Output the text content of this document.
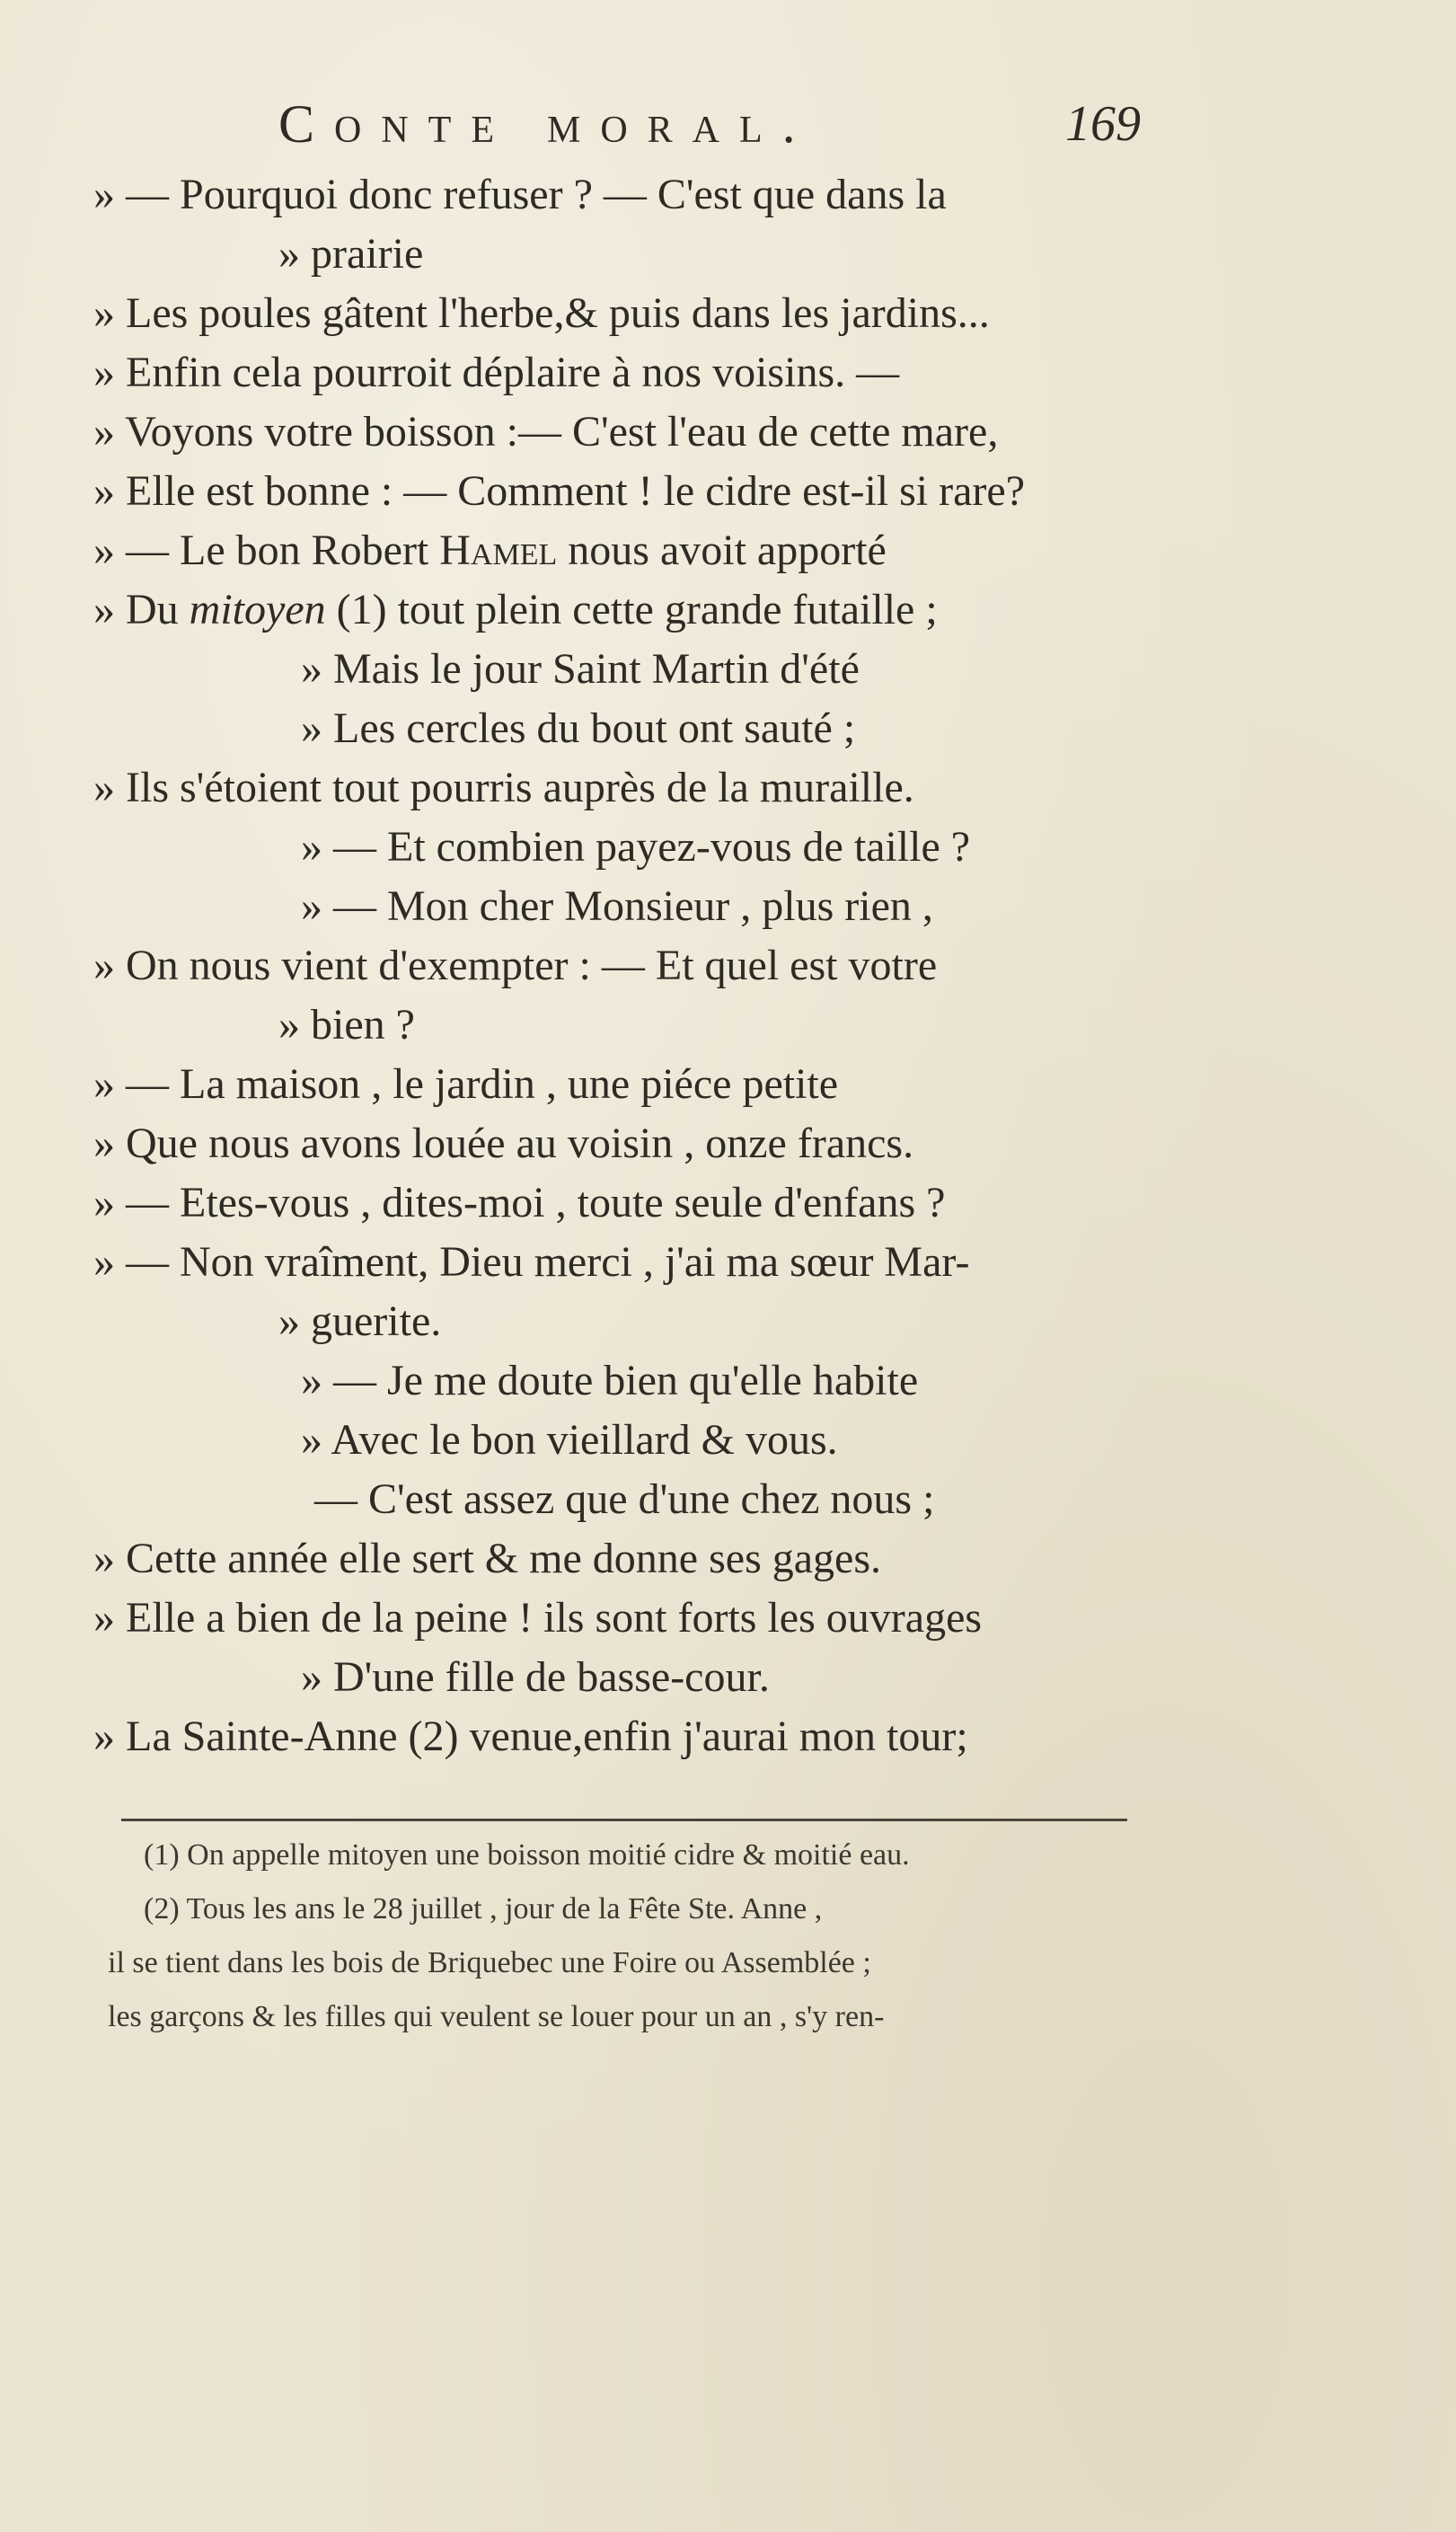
Conte moral.	169
» — Pourquoi donc refuser ? — C'est que dans la
» prairie
» Les poules gâtent l'herbe,& puis dans les jardins...
» Enfin cela pourroit déplaire à nos voisins. —
» Voyons votre boisson :— C'est l'eau de cette mare,
» Elle est bonne : — Comment ! le cidre est-il si rare?
» — Le bon Robert Hamel nous avoit apporté
» Du mitoyen (1) tout plein cette grande futaille ;
» Mais le jour Saint Martin d'été
» Les cercles du bout ont sauté ;
» Ils s'étoient tout pourris auprès de la muraille.
» — Et combien payez-vous de taille ?
» — Mon cher Monsieur , plus rien ,
» On nous vient d'exempter : — Et quel est votre
» bien ?
» — La maison , le jardin , une piéce petite
» Que nous avons louée au voisin , onze francs.
» — Etes-vous , dites-moi , toute seule d'enfans ?
» — Non vraîment, Dieu merci , j'ai ma sœur Mar-
» guerite.
» — Je me doute bien qu'elle habite
» Avec le bon vieillard & vous.
— C'est assez que d'une chez nous ;
» Cette année elle sert & me donne ses gages.
» Elle a bien de la peine ! ils sont forts les ouvrages
» D'une fille de basse-cour.
» La Sainte-Anne (2) venue,enfin j'aurai mon tour;
(1) On appelle mitoyen une boisson moitié cidre & moitié eau.
(2) Tous les ans le 28 juillet , jour de la Fête Ste. Anne ,
il se tient dans les bois de Briquebec une Foire ou Assemblée ;
les garçons & les filles qui veulent se louer pour un an , s'y ren-
